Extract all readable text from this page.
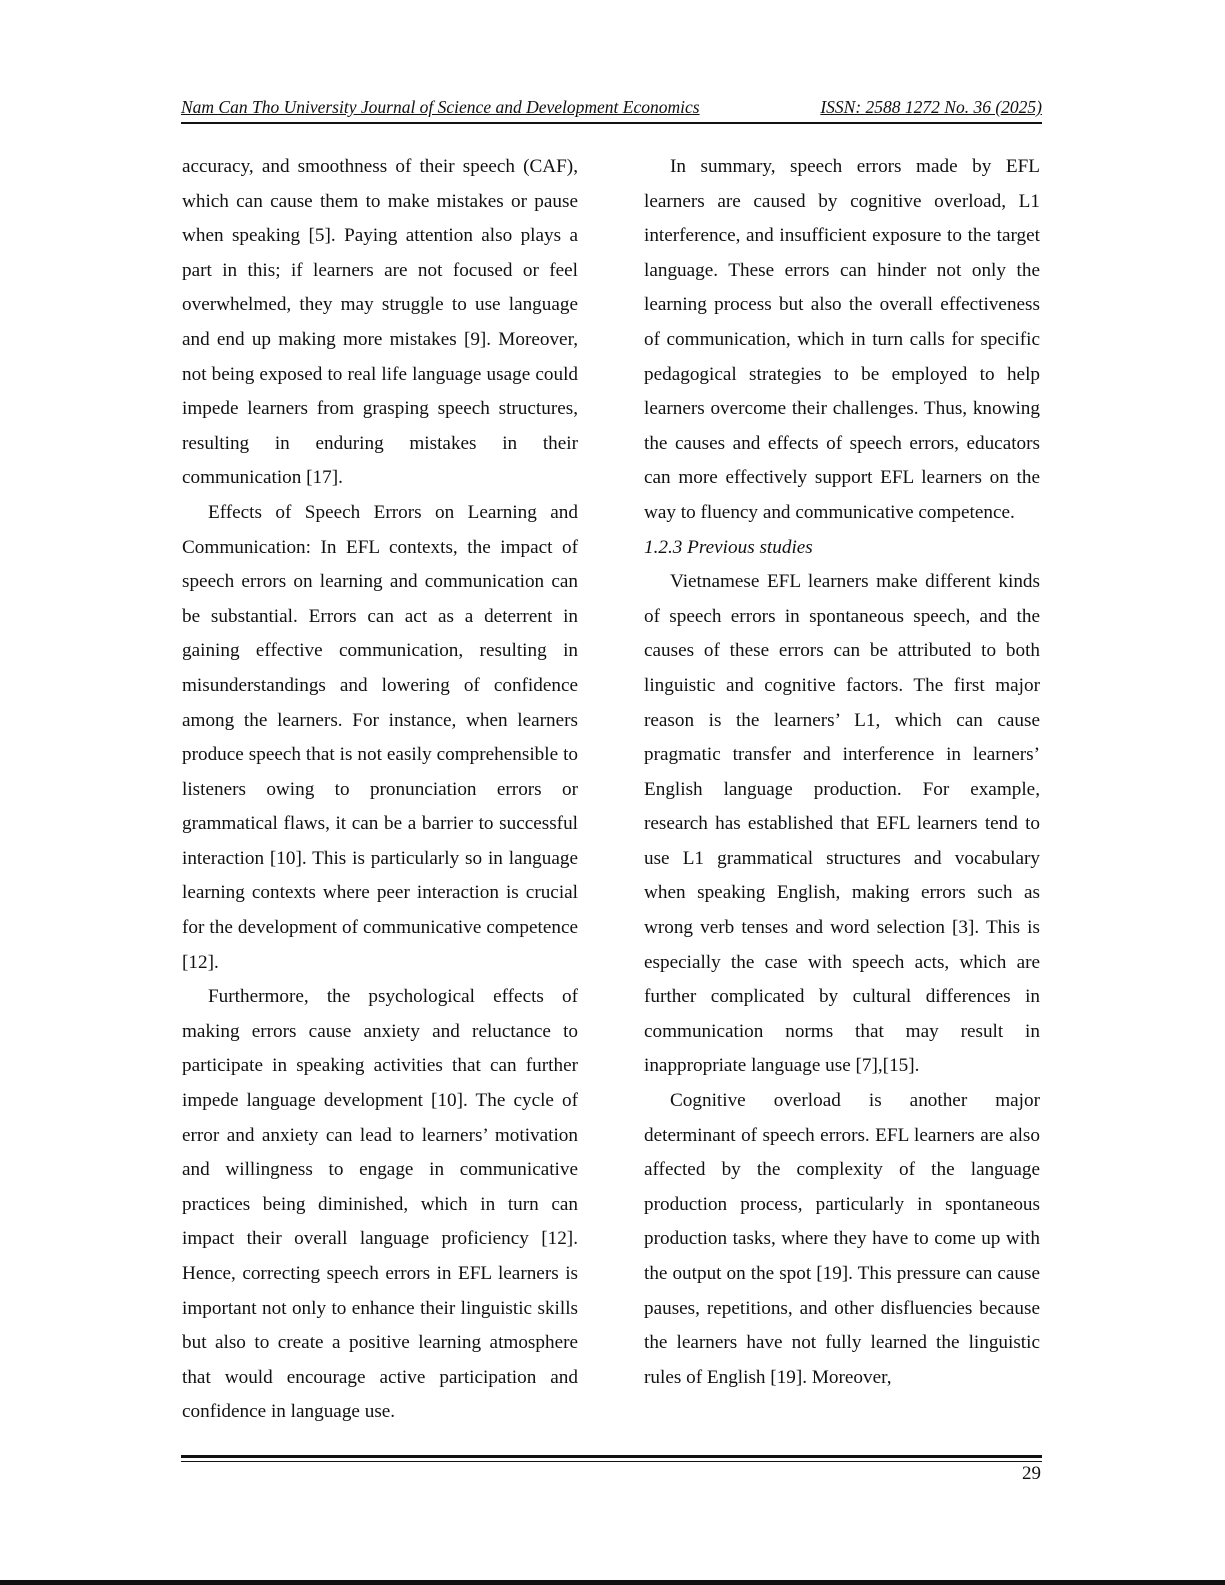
Nam Can Tho University Journal of Science and Development Economics	ISSN: 2588 1272 No. 36 (2025)

accuracy, and smoothness of their speech (CAF), which can cause them to make mistakes or pause when speaking [5]. Paying attention also plays a part in this; if learners are not focused or feel overwhelmed, they may struggle to use language and end up making more mistakes [9]. Moreover, not being exposed to real life language usage could impede learners from grasping speech structures, resulting in enduring mistakes in their communication [17].

Effects of Speech Errors on Learning and Communication: In EFL contexts, the impact of speech errors on learning and communication can be substantial. Errors can act as a deterrent in gaining effective communication, resulting in misunderstandings and lowering of confidence among the learners. For instance, when learners produce speech that is not easily comprehensible to listeners owing to pronunciation errors or grammatical flaws, it can be a barrier to successful interaction [10]. This is particularly so in language learning contexts where peer interaction is crucial for the development of communicative competence [12].

Furthermore, the psychological effects of making errors cause anxiety and reluctance to participate in speaking activities that can further impede language development [10]. The cycle of error and anxiety can lead to learners’ motivation and willingness to engage in communicative practices being diminished, which in turn can impact their overall language proficiency [12]. Hence, correcting speech errors in EFL learners is important not only to enhance their linguistic skills but also to create a positive learning atmosphere that would encourage active participation and confidence in language use.

In summary, speech errors made by EFL learners are caused by cognitive overload, L1 interference, and insufficient exposure to the target language. These errors can hinder not only the learning process but also the overall effectiveness of communication, which in turn calls for specific pedagogical strategies to be employed to help learners overcome their challenges. Thus, knowing the causes and effects of speech errors, educators can more effectively support EFL learners on the way to fluency and communicative competence.

1.2.3 Previous studies

Vietnamese EFL learners make different kinds of speech errors in spontaneous speech, and the causes of these errors can be attributed to both linguistic and cognitive factors. The first major reason is the learners’ L1, which can cause pragmatic transfer and interference in learners’ English language production. For example, research has established that EFL learners tend to use L1 grammatical structures and vocabulary when speaking English, making errors such as wrong verb tenses and word selection [3]. This is especially the case with speech acts, which are further complicated by cultural differences in communication norms that may result in inappropriate language use [7],[15].

Cognitive overload is another major determinant of speech errors. EFL learners are also affected by the complexity of the language production process, particularly in spontaneous production tasks, where they have to come up with the output on the spot [19]. This pressure can cause pauses, repetitions, and other disfluencies because the learners have not fully learned the linguistic rules of English [19]. Moreover,

29
